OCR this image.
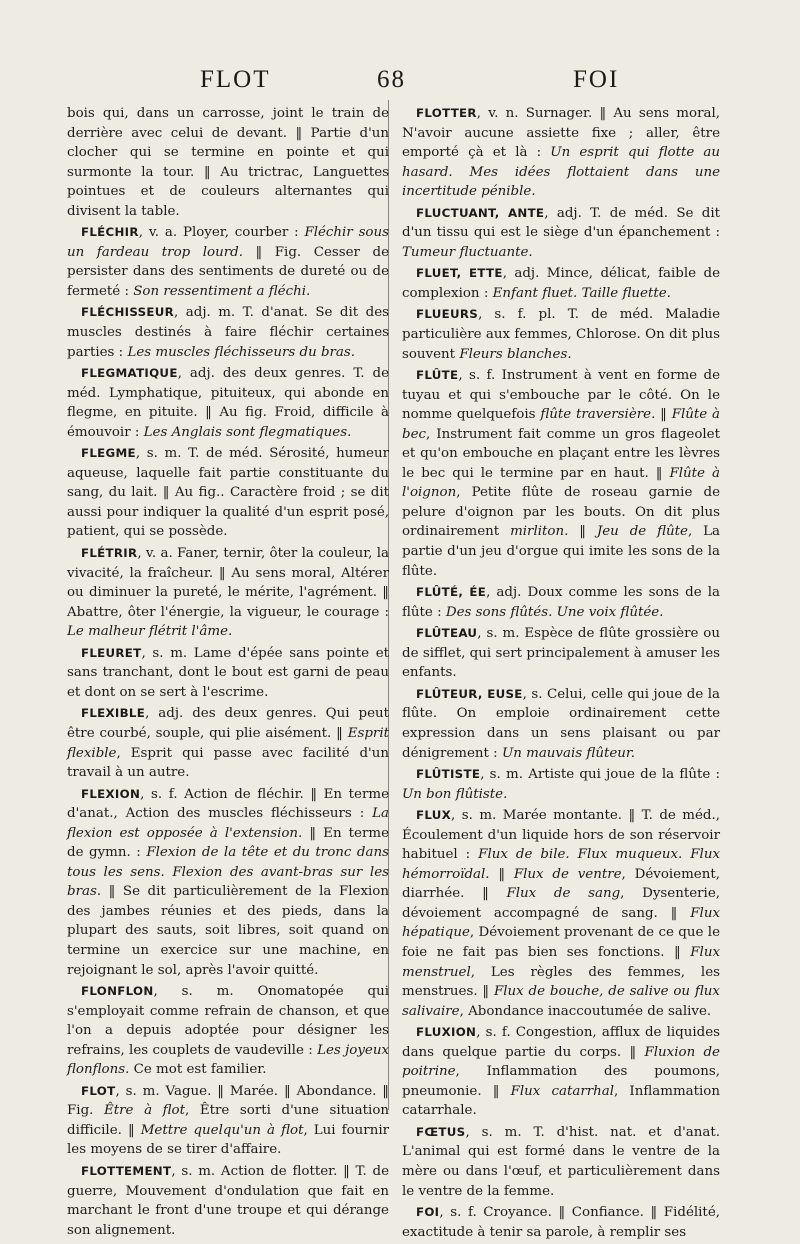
FLOT	68	FOI

bois qui, dans un carrosse, joint le train de derrière avec celui de devant. ‖ Partie d'un clocher qui se termine en pointe et qui surmonte la tour. ‖ Au trictrac, Languettes pointues et de couleurs alternantes qui divisent la table.

FLÉCHIR, v. a. Ployer, courber : Fléchir sous un fardeau trop lourd. ‖ Fig. Cesser de persister dans des sentiments de dureté ou de fermeté : Son ressentiment a fléchi.

FLÉCHISSEUR, adj. m. T. d'anat. Se dit des muscles destinés à faire fléchir certaines parties : Les muscles fléchisseurs du bras.

FLEGMATIQUE, adj. des deux genres. T. de méd. Lymphatique, pituiteux, qui abonde en flegme, en pituite. ‖ Au fig. Froid, difficile à émouvoir : Les Anglais sont flegmatiques.

FLEGME, s. m. T. de méd. Sérosité, humeur aqueuse, laquelle fait partie constituante du sang, du lait. ‖ Au fig.. Caractère froid ; se dit aussi pour indiquer la qualité d'un esprit posé, patient, qui se possède.

FLÉTRIR, v. a. Faner, ternir, ôter la couleur, la vivacité, la fraîcheur. ‖ Au sens moral, Altérer ou diminuer la pureté, le mérite, l'agrément. ‖ Abattre, ôter l'énergie, la vigueur, le courage : Le malheur flétrit l'âme.

FLEURET, s. m. Lame d'épée sans pointe et sans tranchant, dont le bout est garni de peau et dont on se sert à l'escrime.

FLEXIBLE, adj. des deux genres. Qui peut être courbé, souple, qui plie aisément. ‖ Esprit flexible, Esprit qui passe avec facilité d'un travail à un autre.

FLEXION, s. f. Action de fléchir. ‖ En terme d'anat., Action des muscles fléchisseurs : La flexion est opposée à l'extension. ‖ En terme de gymn. : Flexion de la tête et du tronc dans tous les sens. Flexion des avant-bras sur les bras. ‖ Se dit particulièrement de la Flexion des jambes réunies et des pieds, dans la plupart des sauts, soit libres, soit quand on termine un exercice sur une machine, en rejoignant le sol, après l'avoir quitté.

FLONFLON, s. m. Onomatopée qui s'employait comme refrain de chanson, et que l'on a depuis adoptée pour désigner les refrains, les couplets de vaudeville : Les joyeux flonflons. Ce mot est familier.

FLOT, s. m. Vague. ‖ Marée. ‖ Abondance. ‖ Fig. Être à flot, Être sorti d'une situation difficile. ‖ Mettre quelqu'un à flot, Lui fournir les moyens de se tirer d'affaire.

FLOTTEMENT, s. m. Action de flotter. ‖ T. de guerre, Mouvement d'ondulation que fait en marchant le front d'une troupe et qui dérange son alignement.

FLOTTER, v. n. Surnager. ‖ Au sens moral, N'avoir aucune assiette fixe ; aller, être emporté çà et là : Un esprit qui flotte au hasard. Mes idées flottaient dans une incertitude pénible.

FLUCTUANT, ANTE, adj. T. de méd. Se dit d'un tissu qui est le siège d'un épanchement : Tumeur fluctuante.

FLUET, ETTE, adj. Mince, délicat, faible de complexion : Enfant fluet. Taille fluette.

FLUEURS, s. f. pl. T. de méd. Maladie particulière aux femmes, Chlorose. On dit plus souvent Fleurs blanches.

FLÛTE, s. f. Instrument à vent en forme de tuyau et qui s'embouche par le côté. On le nomme quelquefois flûte traversière. ‖ Flûte à bec, Instrument fait comme un gros flageolet et qu'on embouche en plaçant entre les lèvres le bec qui le termine par en haut. ‖ Flûte à l'oignon, Petite flûte de roseau garnie de pelure d'oignon par les bouts. On dit plus ordinairement mirliton. ‖ Jeu de flûte, La partie d'un jeu d'orgue qui imite les sons de la flûte.

FLÛTÉ, ÉE, adj. Doux comme les sons de la flûte : Des sons flûtés. Une voix flûtée.

FLÛTEAU, s. m. Espèce de flûte grossière ou de sifflet, qui sert principalement à amuser les enfants.

FLÛTEUR, EUSE, s. Celui, celle qui joue de la flûte. On emploie ordinairement cette expression dans un sens plaisant ou par dénigrement : Un mauvais flûteur.

FLÛTISTE, s. m. Artiste qui joue de la flûte : Un bon flûtiste.

FLUX, s. m. Marée montante. ‖ T. de méd., Écoulement d'un liquide hors de son réservoir habituel : Flux de bile. Flux muqueux. Flux hémorroïdal. ‖ Flux de ventre, Dévoiement, diarrhée. ‖ Flux de sang, Dysenterie, dévoiement accompagné de sang. ‖ Flux hépatique, Dévoiement provenant de ce que le foie ne fait pas bien ses fonctions. ‖ Flux menstruel, Les règles des femmes, les menstrues. ‖ Flux de bouche, de salive ou flux salivaire, Abondance inaccoutumée de salive.

FLUXION, s. f. Congestion, afflux de liquides dans quelque partie du corps. ‖ Fluxion de poitrine, Inflammation des poumons, pneumonie. ‖ Flux catarrhal, Inflammation catarrhale.

FŒTUS, s. m. T. d'hist. nat. et d'anat. L'animal qui est formé dans le ventre de la mère ou dans l'œuf, et particulièrement dans le ventre de la femme.

FOI, s. f. Croyance. ‖ Confiance. ‖ Fidélité, exactitude à tenir sa parole, à remplir ses
